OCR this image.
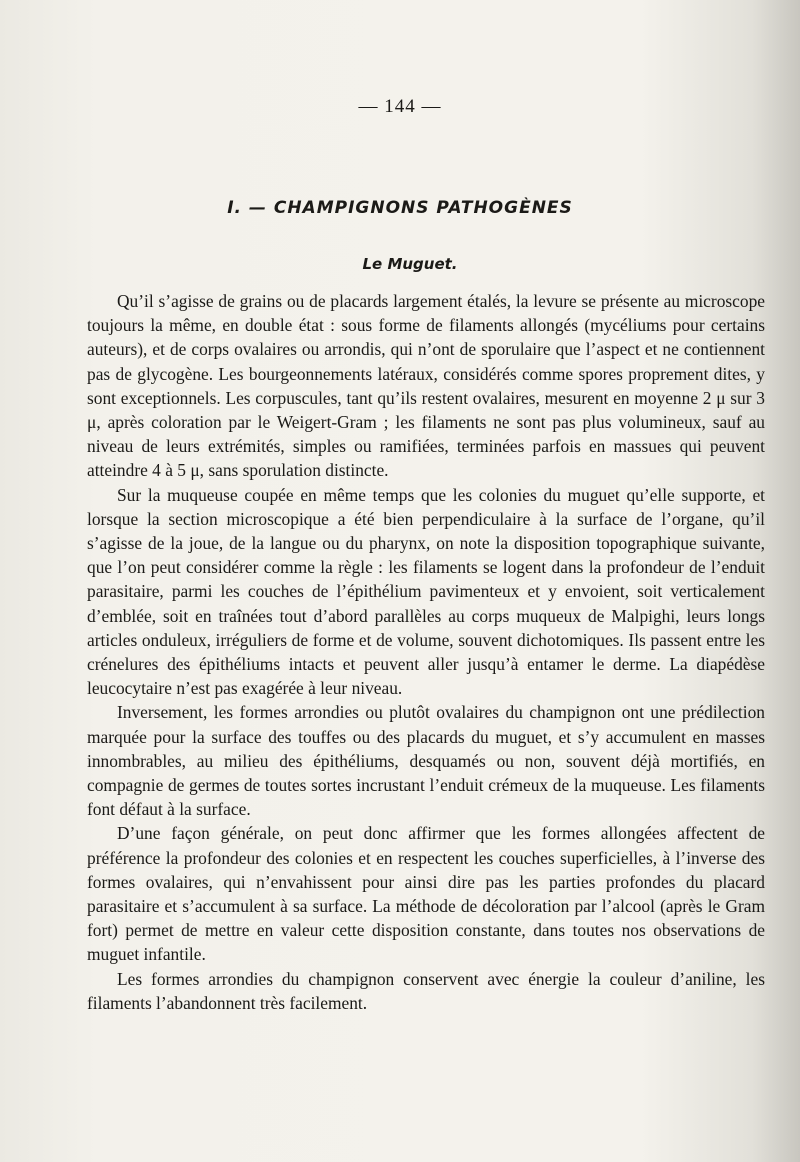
— 144 —
I. — CHAMPIGNONS PATHOGÈNES
Le Muguet.

Qu’il s’agisse de grains ou de placards largement étalés, la levure se présente au microscope toujours la même, en double état : sous forme de filaments allongés (mycéliums pour certains auteurs), et de corps ovalaires ou arrondis, qui n’ont de sporulaire que l’aspect et ne contiennent pas de glycogène. Les bourgeonnements latéraux, considérés comme spores proprement dites, y sont exceptionnels. Les corpuscules, tant qu’ils restent ovalaires, mesurent en moyenne 2 μ sur 3 μ, après coloration par le Weigert-Gram ; les filaments ne sont pas plus volumineux, sauf au niveau de leurs extrémités, simples ou ramifiées, terminées parfois en massues qui peuvent atteindre 4 à 5 μ, sans sporulation distincte.

Sur la muqueuse coupée en même temps que les colonies du muguet qu’elle supporte, et lorsque la section microscopique a été bien perpendiculaire à la surface de l’organe, qu’il s’agisse de la joue, de la langue ou du pharynx, on note la disposition topographique suivante, que l’on peut considérer comme la règle : les filaments se logent dans la profondeur de l’enduit parasitaire, parmi les couches de l’épithélium pavimenteux et y envoient, soit verticalement d’emblée, soit en traînées tout d’abord parallèles au corps muqueux de Malpighi, leurs longs articles onduleux, irréguliers de forme et de volume, souvent dichotomiques. Ils passent entre les crénelures des épithéliums intacts et peuvent aller jusqu’à entamer le derme. La diapédèse leucocytaire n’est pas exagérée à leur niveau.

Inversement, les formes arrondies ou plutôt ovalaires du champignon ont une prédilection marquée pour la surface des touffes ou des placards du muguet, et s’y accumulent en masses innombrables, au milieu des épithéliums, desquamés ou non, souvent déjà mortifiés, en compagnie de germes de toutes sortes incrustant l’enduit crémeux de la muqueuse. Les filaments font défaut à la surface.

D’une façon générale, on peut donc affirmer que les formes allongées affectent de préférence la profondeur des colonies et en respectent les couches superficielles, à l’inverse des formes ovalaires, qui n’envahissent pour ainsi dire pas les parties profondes du placard parasitaire et s’accumulent à sa surface. La méthode de décoloration par l’alcool (après le Gram fort) permet de mettre en valeur cette disposition constante, dans toutes nos observations de muguet infantile.

Les formes arrondies du champignon conservent avec énergie la couleur d’aniline, les filaments l’abandonnent très facilement.
